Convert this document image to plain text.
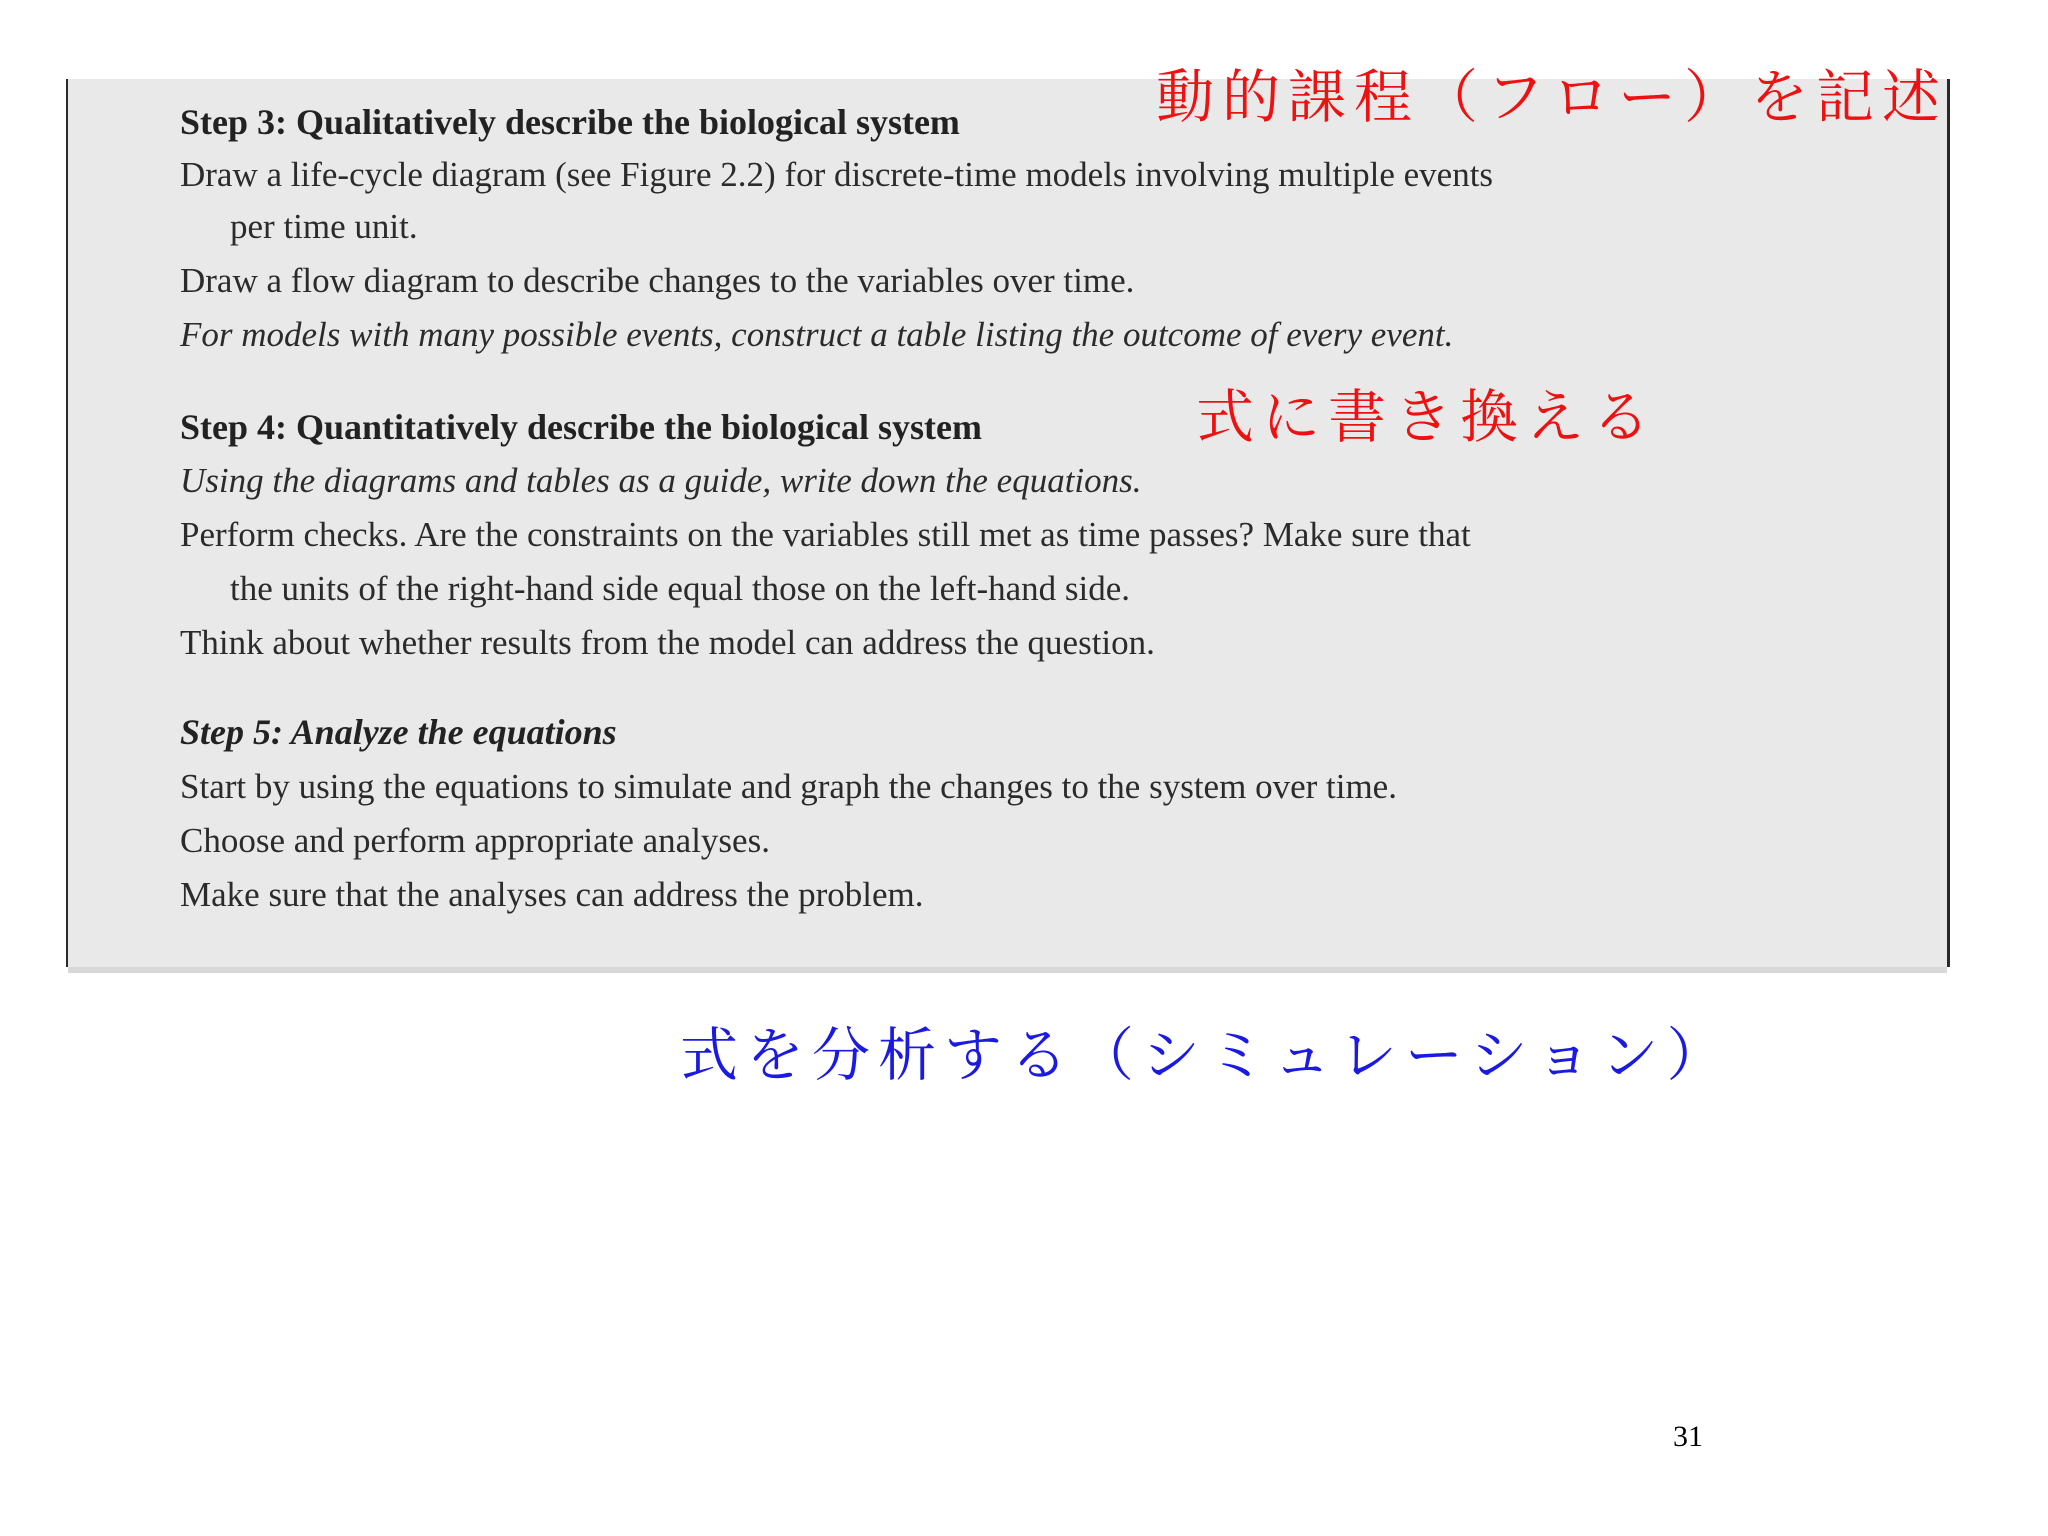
Step 3: Qualitatively describe the biological system
Draw a life-cycle diagram (see Figure 2.2) for discrete-time models involving multiple events
per time unit.
Draw a flow diagram to describe changes to the variables over time.
For models with many possible events, construct a table listing the outcome of every event.
Step 4: Quantitatively describe the biological system
Using the diagrams and tables as a guide, write down the equations.
Perform checks. Are the constraints on the variables still met as time passes? Make sure that
the units of the right-hand side equal those on the left-hand side.
Think about whether results from the model can address the question.
Step 5: Analyze the equations
Start by using the equations to simulate and graph the changes to the system over time.
Choose and perform appropriate analyses.
Make sure that the analyses can address the problem.
動的課程（フロー）を記述
式に書き換える
式を分析する（シミュレーション）
31
